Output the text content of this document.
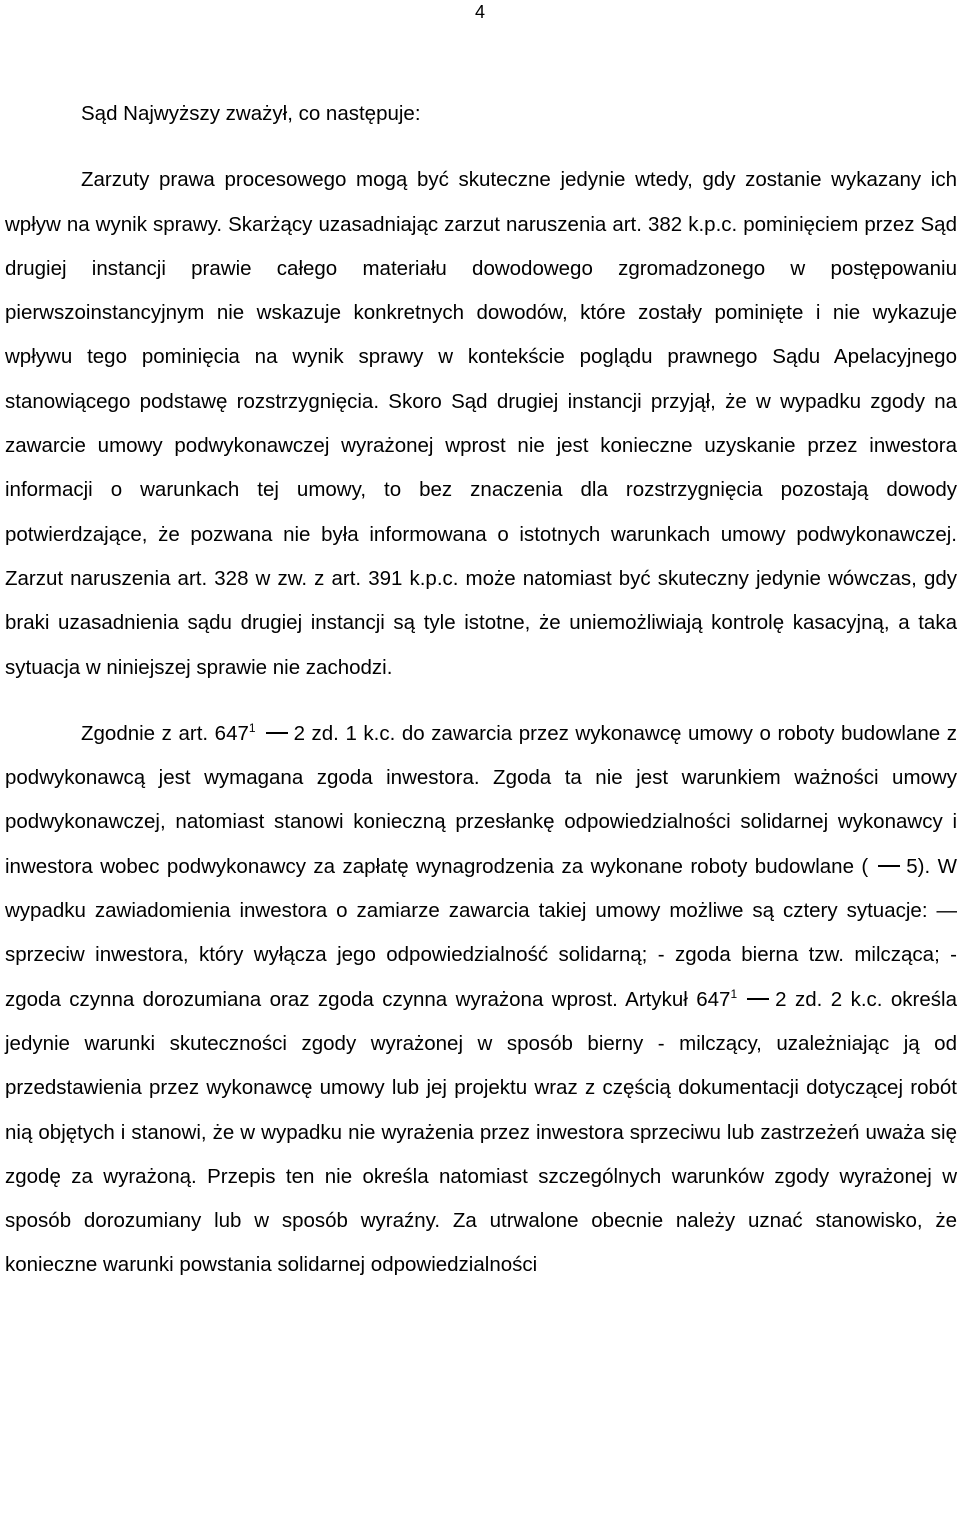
4

Sąd Najwyższy zważył, co następuje:

Zarzuty prawa procesowego mogą być skuteczne jedynie wtedy, gdy zostanie wykazany ich wpływ na wynik sprawy. Skarżący uzasadniając zarzut naruszenia art. 382 k.p.c. pominięciem przez Sąd drugiej instancji prawie całego materiału dowodowego zgromadzonego w postępowaniu pierwszoinstancyjnym nie wskazuje konkretnych dowodów, które zostały pominięte i nie wykazuje wpływu tego pominięcia na wynik sprawy w kontekście poglądu prawnego Sądu Apelacyjnego stanowiącego podstawę rozstrzygnięcia. Skoro Sąd drugiej instancji przyjął, że w wypadku zgody na zawarcie umowy podwykonawczej wyrażonej wprost nie jest konieczne uzyskanie przez inwestora informacji o warunkach tej umowy, to bez znaczenia dla rozstrzygnięcia pozostają dowody potwierdzające, że pozwana nie była informowana o istotnych warunkach umowy podwykonawczej. Zarzut naruszenia art. 328 w zw. z art. 391 k.p.c. może natomiast być skuteczny jedynie wówczas, gdy braki uzasadnienia sądu drugiej instancji są tyle istotne, że uniemożliwiają kontrolę kasacyjną, a taka sytuacja w niniejszej sprawie nie zachodzi.

Zgodnie z art. $647^1$ 2 zd. 1 k.c. do zawarcia przez wykonawcę umowy o roboty budowlane z podwykonawcą jest wymagana zgoda inwestora. Zgoda ta nie jest warunkiem ważności umowy podwykonawczej, natomiast stanowi konieczną przesłankę odpowiedzialności solidarnej wykonawcy i inwestora wobec podwykonawcy za zapłatę wynagrodzenia za wykonane roboty budowlane ( 5). W wypadku zawiadomienia inwestora o zamiarze zawarcia takiej umowy możliwe są cztery sytuacje: — sprzeciw inwestora, który wyłącza jego odpowiedzialność solidarną; - zgoda bierna tzw. milcząca; - zgoda czynna dorozumiana oraz zgoda czynna wyrażona wprost. Artykuł $647^1$ 2 zd. 2 k.c. określa jedynie warunki skuteczności zgody wyrażonej w sposób bierny - milczący, uzależniając ją od przedstawienia przez wykonawcę umowy lub jej projektu wraz z częścią dokumentacji dotyczącej robót nią objętych i stanowi, że w wypadku nie wyrażenia przez inwestora sprzeciwu lub zastrzeżeń uważa się zgodę za wyrażoną. Przepis ten nie określa natomiast szczególnych warunków zgody wyrażonej w sposób dorozumiany lub w sposób wyraźny. Za utrwalone obecnie należy uznać stanowisko, że konieczne warunki powstania solidarnej odpowiedzialności
